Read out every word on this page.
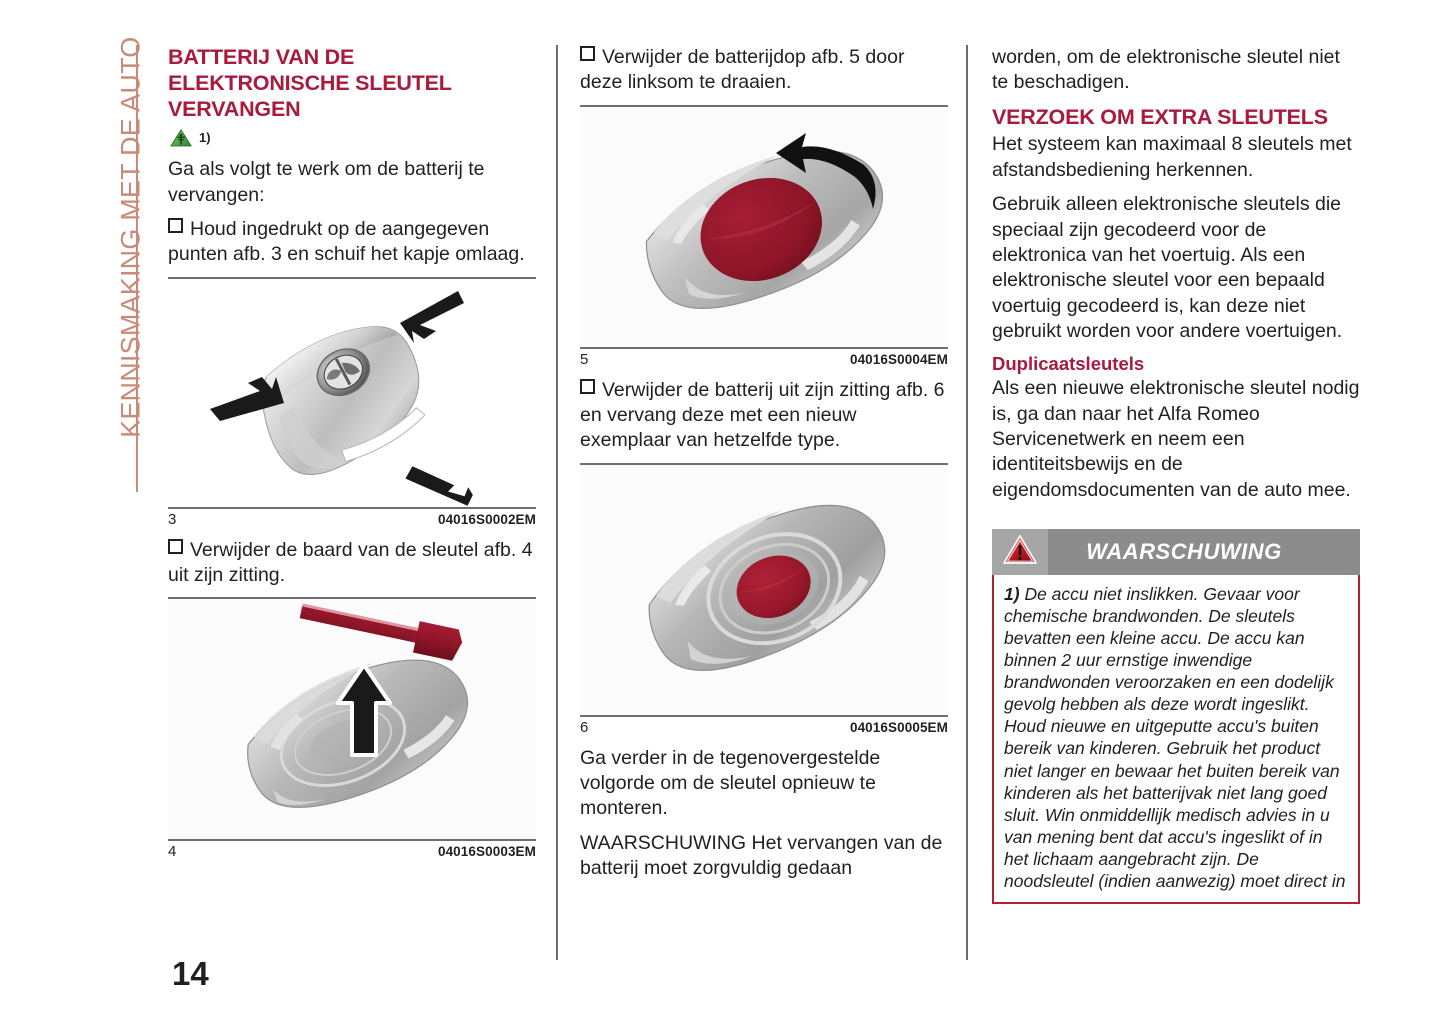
KENNISMAKING MET DE AUTO BATTERIJ VAN DE ELEKTRONISCHE SLEUTEL VERVANGEN
1)

Ga als volgt te werk om de batterij te vervangen:

Houd ingedrukt op de aangegeven punten afb. 3 en schuif het kapje omlaag.

3	04016S0002EM

Verwijder de baard van de sleutel afb. 4 uit zijn zitting.

4	04016S0003EM

Verwijder de batterijdop afb. 5 door deze linksom te draaien.

5	04016S0004EM

Verwijder de batterij uit zijn zitting afb. 6 en vervang deze met een nieuw exemplaar van hetzelfde type.

6	04016S0005EM

Ga verder in de tegenovergestelde volgorde om de sleutel opnieuw te monteren.

WAARSCHUWING Het vervangen van de batterij moet zorgvuldig gedaan

worden, om de elektronische sleutel niet te beschadigen.

VERZOEK OM EXTRA SLEUTELS

Het systeem kan maximaal 8 sleutels met afstandsbediening herkennen.

Gebruik alleen elektronische sleutels die speciaal zijn gecodeerd voor de elektronica van het voertuig. Als een elektronische sleutel voor een bepaald voertuig gecodeerd is, kan deze niet gebruikt worden voor andere voertuigen.

Duplicaatsleutels

Als een nieuwe elektronische sleutel nodig is, ga dan naar het Alfa Romeo Servicenetwerk en neem een identiteitsbewijs en de eigendomsdocumenten van de auto mee.

WAARSCHUWING
1) De accu niet inslikken. Gevaar voor chemische brandwonden. De sleutels bevatten een kleine accu. De accu kan binnen 2 uur ernstige inwendige brandwonden veroorzaken en een dodelijk gevolg hebben als deze wordt ingeslikt. Houd nieuwe en uitgeputte accu's buiten bereik van kinderen. Gebruik het product niet langer en bewaar het buiten bereik van kinderen als het batterijvak niet lang goed sluit. Win onmiddellijk medisch advies in u van mening bent dat accu's ingeslikt of in het lichaam aangebracht zijn. De noodsleutel (indien aanwezig) moet direct in
14
